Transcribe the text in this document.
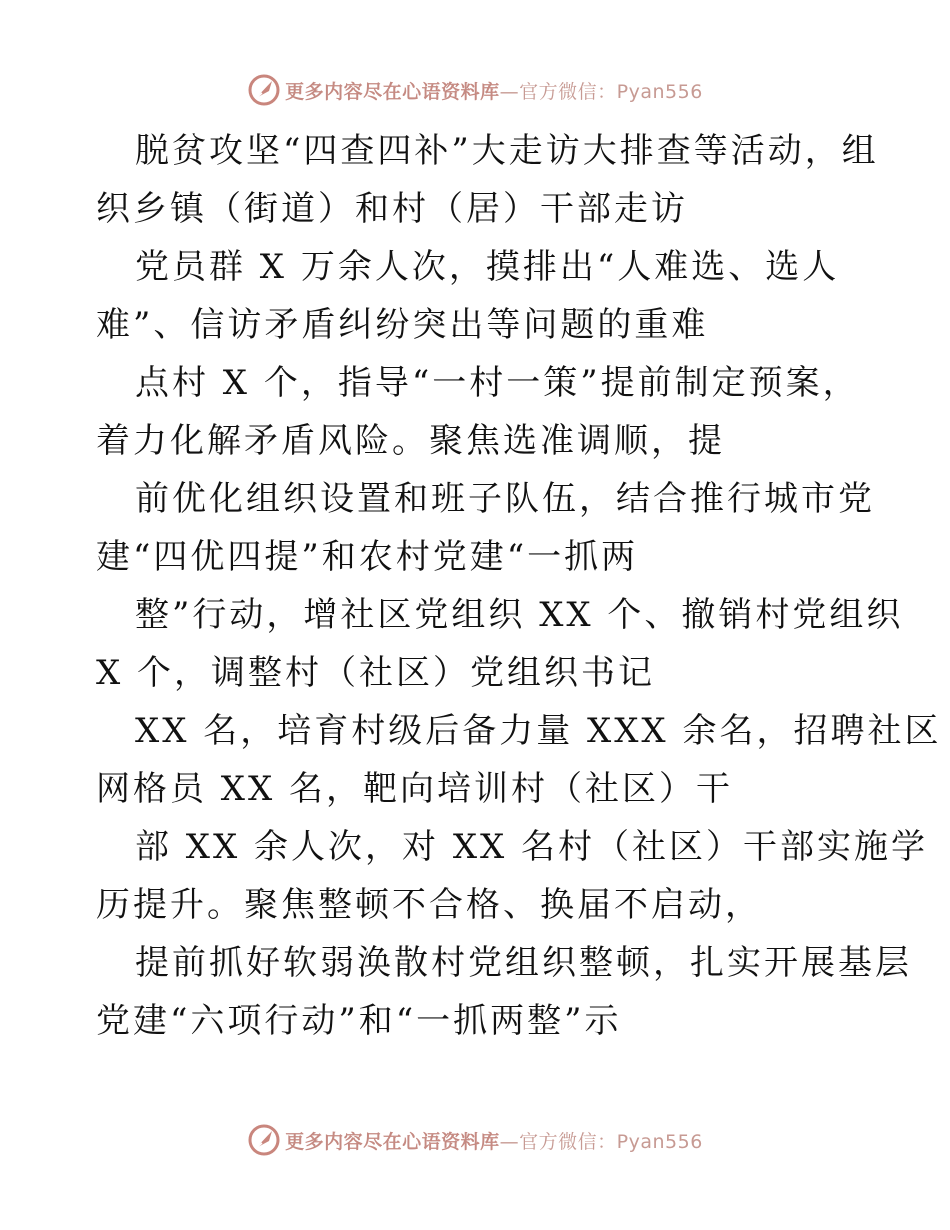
更多内容尽在心语资料库—官方微信：Pyan556
脱贫攻坚“四查四补”大走访大排查等活动，组
织乡镇（街道）和村（居）干部走访
党员群 X 万余人次，摸排出“人难选、选人
难”、信访矛盾纠纷突出等问题的重难
点村 X 个，指导“一村一策”提前制定预案，
着力化解矛盾风险。聚焦选准调顺，提
前优化组织设置和班子队伍，结合推行城市党
建“四优四提”和农村党建“一抓两
整”行动，增社区党组织 XX 个、撤销村党组织
X 个，调整村（社区）党组织书记
XX 名，培育村级后备力量 XXX 余名，招聘社区
网格员 XX 名，靶向培训村（社区）干
部 XX 余人次，对 XX 名村（社区）干部实施学
历提升。聚焦整顿不合格、换届不启动，
提前抓好软弱涣散村党组织整顿，扎实开展基层
党建“六项行动”和“一抓两整”示
更多内容尽在心语资料库—官方微信：Pyan556
